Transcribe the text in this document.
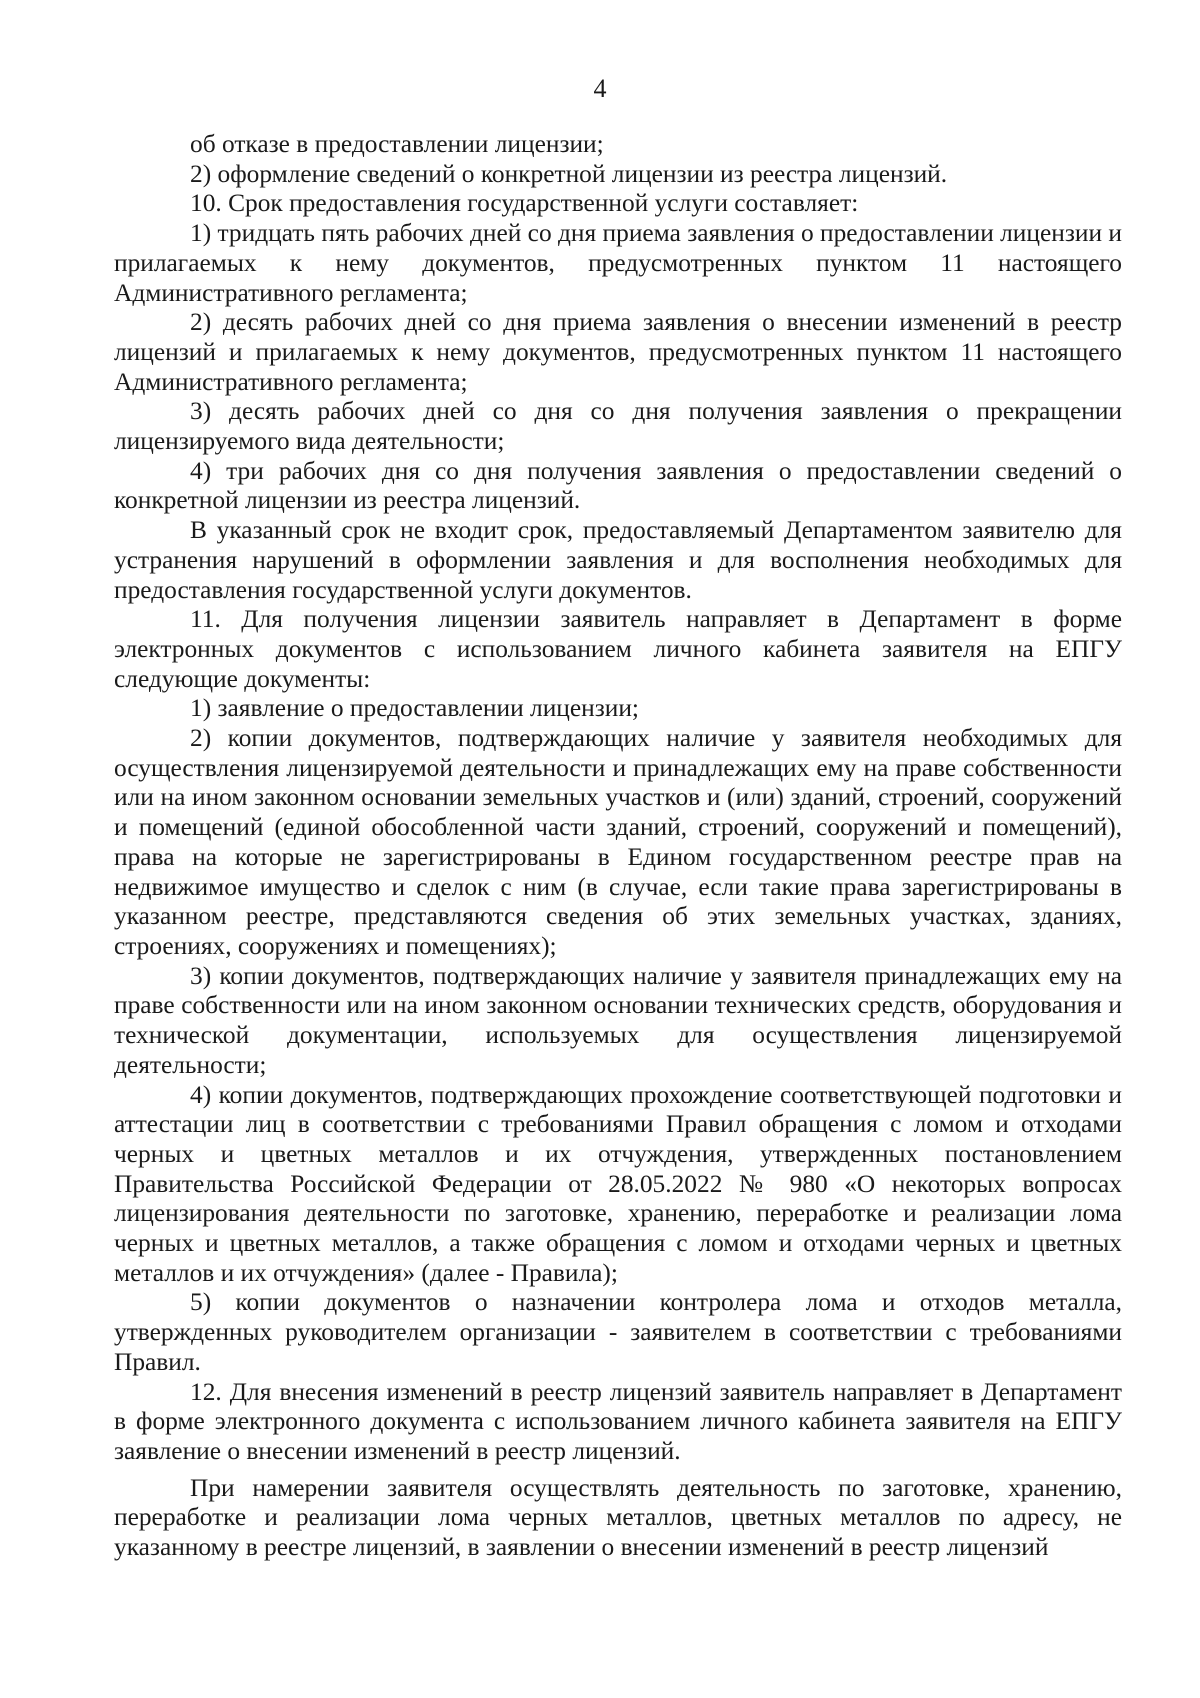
4

об отказе в предоставлении лицензии;

2) оформление сведений о конкретной лицензии из реестра лицензий.

10. Срок предоставления государственной услуги составляет:

1) тридцать пять рабочих дней со дня приема заявления о предоставлении лицензии и прилагаемых к нему документов, предусмотренных пунктом 11 настоящего Административного регламента;

2) десять рабочих дней со дня приема заявления о внесении изменений в реестр лицензий и прилагаемых к нему документов, предусмотренных пунктом 11 настоящего Административного регламента;

3) десять рабочих дней со дня со дня получения заявления о прекращении лицензируемого вида деятельности;

4) три рабочих дня со дня получения заявления о предоставлении сведений о конкретной лицензии из реестра лицензий.

В указанный срок не входит срок, предоставляемый Департаментом заявителю для устранения нарушений в оформлении заявления и для восполнения необходимых для предоставления государственной услуги документов.

11. Для получения лицензии заявитель направляет в Департамент в форме электронных документов с использованием личного кабинета заявителя на ЕПГУ следующие документы:

1) заявление о предоставлении лицензии;

2) копии документов, подтверждающих наличие у заявителя необходимых для осуществления лицензируемой деятельности и принадлежащих ему на праве собственности или на ином законном основании земельных участков и (или) зданий, строений, сооружений и помещений (единой обособленной части зданий, строений, сооружений и помещений), права на которые не зарегистрированы в Едином государственном реестре прав на недвижимое имущество и сделок с ним (в случае, если такие права зарегистрированы в указанном реестре, представляются сведения об этих земельных участках, зданиях, строениях, сооружениях и помещениях);

3) копии документов, подтверждающих наличие у заявителя принадлежащих ему на праве собственности или на ином законном основании технических средств, оборудования и технической документации, используемых для осуществления лицензируемой деятельности;

4) копии документов, подтверждающих прохождение соответствующей подготовки и аттестации лиц в соответствии с требованиями Правил обращения с ломом и отходами черных и цветных металлов и их отчуждения, утвержденных постановлением Правительства Российской Федерации от 28.05.2022 № 980 «О некоторых вопросах лицензирования деятельности по заготовке, хранению, переработке и реализации лома черных и цветных металлов, а также обращения с ломом и отходами черных и цветных металлов и их отчуждения» (далее - Правила);

5) копии документов о назначении контролера лома и отходов металла, утвержденных руководителем организации - заявителем в соответствии с требованиями Правил.

12. Для внесения изменений в реестр лицензий заявитель направляет в Департамент в форме электронного документа с использованием личного кабинета заявителя на ЕПГУ заявление о внесении изменений в реестр лицензий.

При намерении заявителя осуществлять деятельность по заготовке, хранению, переработке и реализации лома черных металлов, цветных металлов по адресу, не указанному в реестре лицензий, в заявлении о внесении изменений в реестр лицензий
